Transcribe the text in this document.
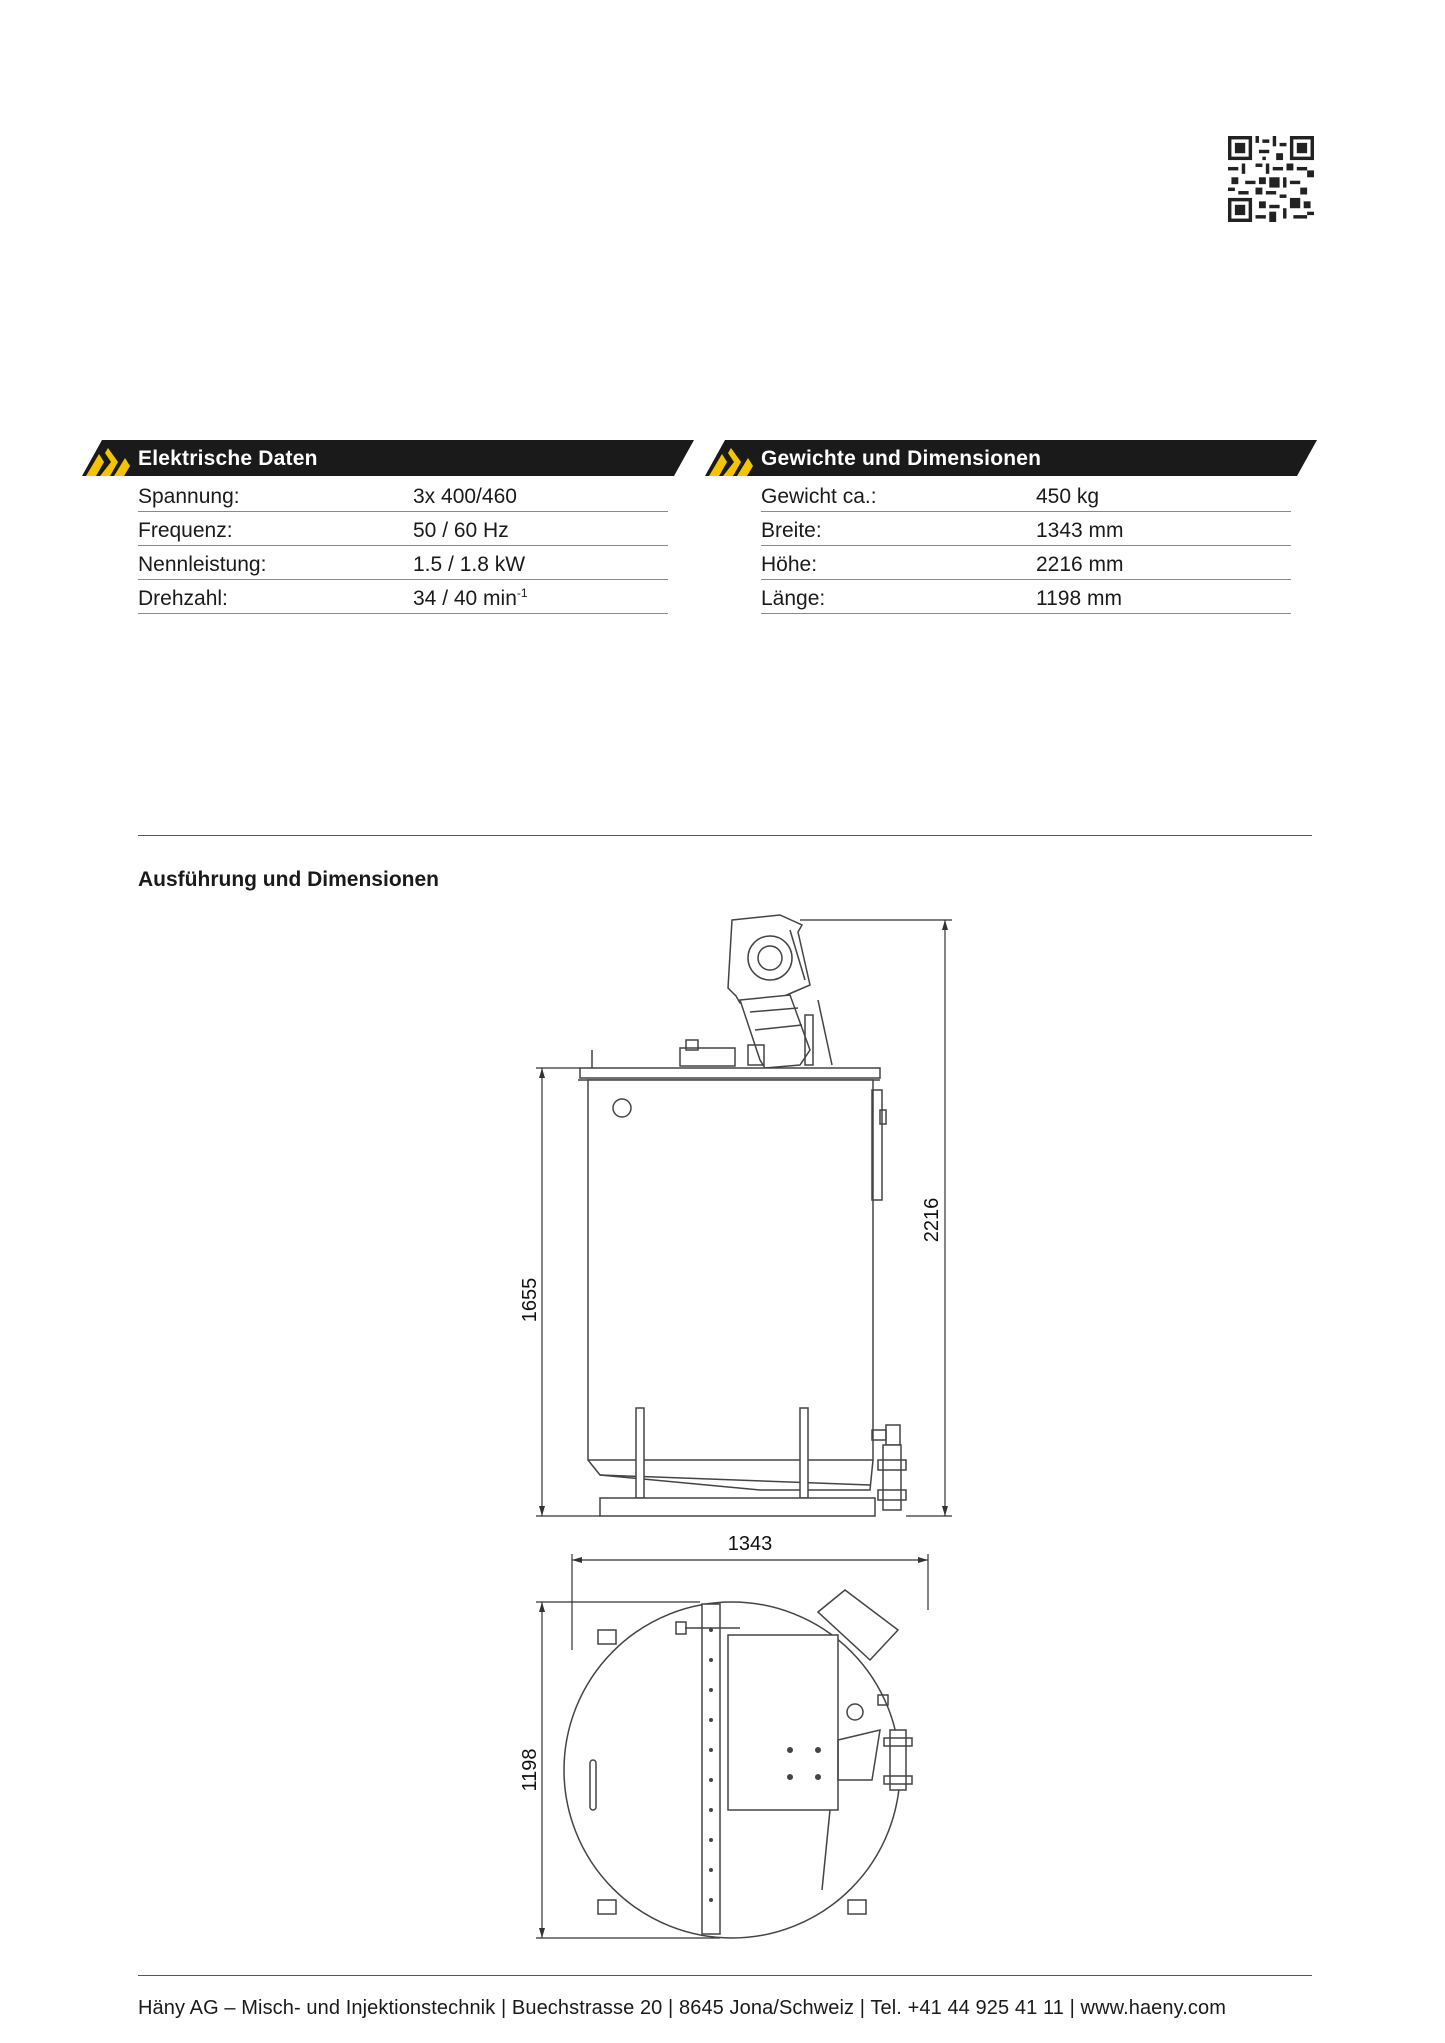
Elektrische Daten
Spannung:	3x 400/460
Frequenz:	50 / 60 Hz
Nennleistung:	1.5 / 1.8 kW
Drehzahl:	34 / 40 $\min^{-1}$
Gewichte und Dimensionen
Gewicht ca.:	450 kg
Breite:	1343 mm
Höhe:	2216 mm
Länge:	1198 mm
Ausführung und Dimensionen
1655
2216
1343
1198
Häny AG – Misch- und Injektionstechnik | Buechstrasse 20 | 8645 Jona/Schweiz | Tel. +41 44 925 41 11 | www.haeny.com
